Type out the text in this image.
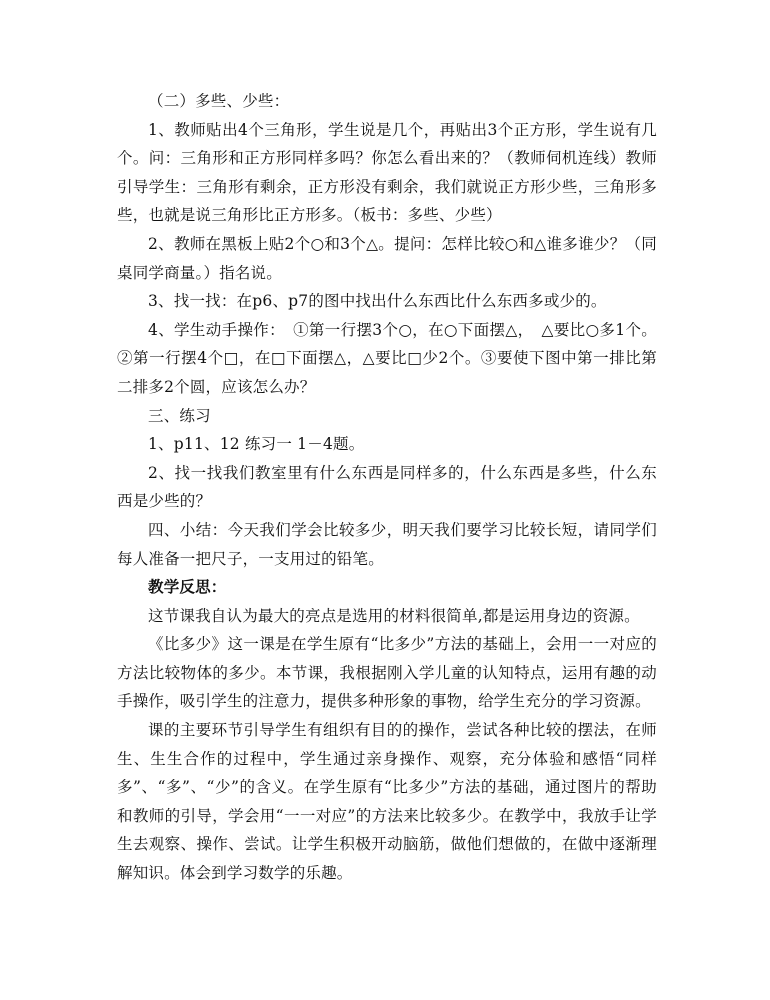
（二）多些、少些：

1、教师贴出4个三角形，学生说是几个，再贴出3个正方形，学生说有几个。问：三角形和正方形同样多吗？你怎么看出来的？（教师伺机连线）教师引导学生：三角形有剩余，正方形没有剩余，我们就说正方形少些，三角形多些，也就是说三角形比正方形多。（板书：多些、少些）

2、教师在黑板上贴2个○和3个△。提问：怎样比较○和△谁多谁少？（同桌同学商量。）指名说。

3、找一找：在p6、p7的图中找出什么东西比什么东西多或少的。

4、学生动手操作：　①第一行摆3个○，在○下面摆△，　△要比○多1个。②第一行摆4个□，在□下面摆△，△要比□少2个。③要使下图中第一排比第二排多2个圆，应该怎么办？

三、练习

1、p11、12 练习一 1－4题。

2、找一找我们教室里有什么东西是同样多的，什么东西是多些，什么东西是少些的？

四、小结：今天我们学会比较多少，明天我们要学习比较长短，请同学们每人准备一把尺子，一支用过的铅笔。

教学反思：

这节课我自认为最大的亮点是选用的材料很简单,都是运用身边的资源。

《比多少》这一课是在学生原有“比多少”方法的基础上，会用一一对应的方法比较物体的多少。本节课，我根据刚入学儿童的认知特点，运用有趣的动手操作，吸引学生的注意力，提供多种形象的事物，给学生充分的学习资源。

课的主要环节引导学生有组织有目的的操作，尝试各种比较的摆法，在师生、生生合作的过程中，学生通过亲身操作、观察，充分体验和感悟“同样多”、“多”、“少”的含义。在学生原有“比多少”方法的基础，通过图片的帮助和教师的引导，学会用“一一对应”的方法来比较多少。在教学中，我放手让学生去观察、操作、尝试。让学生积极开动脑筋，做他们想做的，在做中逐渐理解知识。体会到学习数学的乐趣。
